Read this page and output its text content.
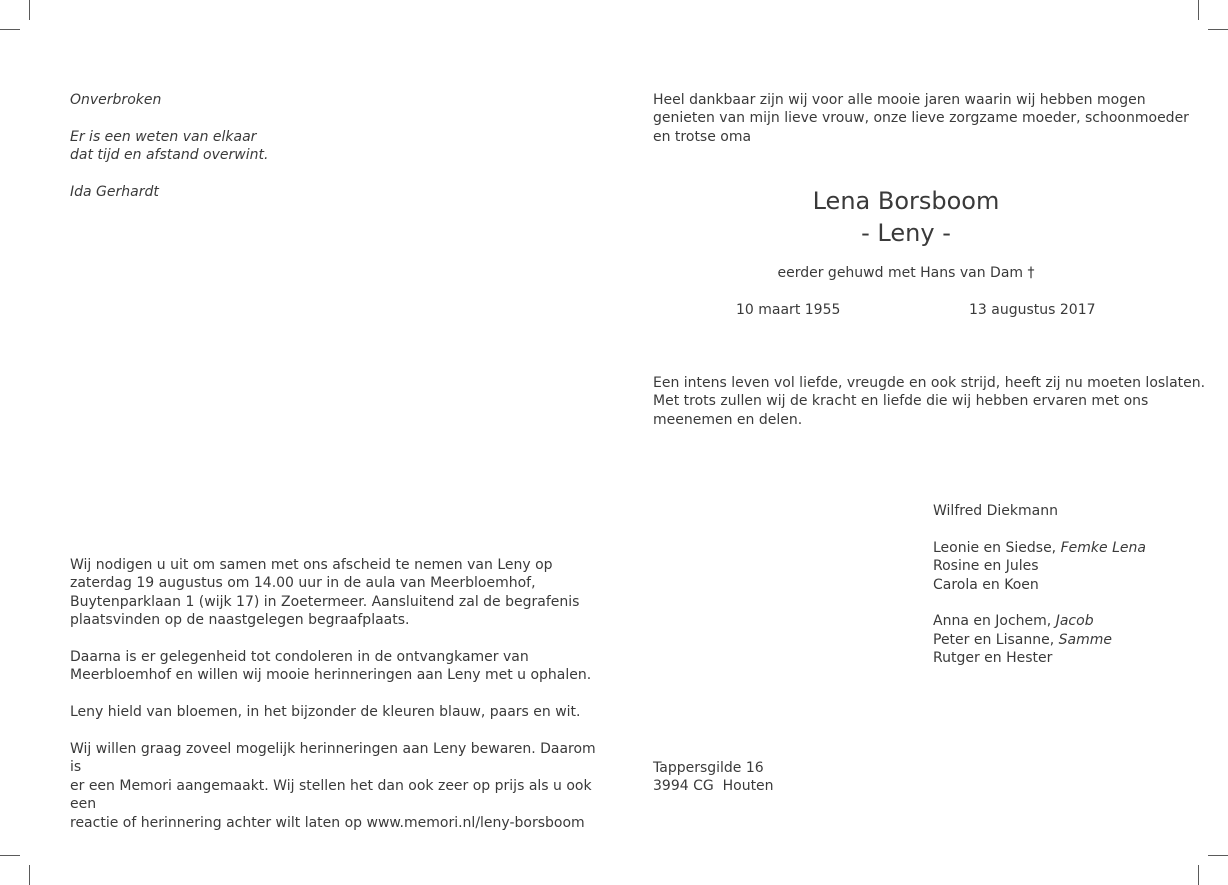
Onverbroken

Er is een weten van elkaar

dat tijd en afstand overwint.

Ida Gerhardt

Wij nodigen u uit om samen met ons afscheid te nemen van Leny op

zaterdag 19 augustus om 14.00 uur in de aula van Meerbloemhof,

Buytenparklaan 1 (wijk 17) in Zoetermeer. Aansluitend zal de begrafenis

plaatsvinden op de naastgelegen begraafplaats.

Daarna is er gelegenheid tot condoleren in de ontvangkamer van

Meerbloemhof en willen wij mooie herinneringen aan Leny met u ophalen.

Leny hield van bloemen, in het bijzonder de kleuren blauw, paars en wit.

Wij willen graag zoveel mogelijk herinneringen aan Leny bewaren. Daarom is

er een Memori aangemaakt. Wij stellen het dan ook zeer op prijs als u ook een

reactie of herinnering achter wilt laten op www.memori.nl/leny-borsboom

Heel dankbaar zijn wij voor alle mooie jaren waarin wij hebben mogen

genieten van mijn lieve vrouw, onze lieve zorgzame moeder, schoonmoeder

en trotse oma

Lena Borsboom

- Leny -

eerder gehuwd met Hans van Dam †

10 maart 1955	13 augustus 2017

Een intens leven vol liefde, vreugde en ook strijd, heeft zij nu moeten loslaten.

Met trots zullen wij de kracht en liefde die wij hebben ervaren met ons

meenemen en delen.

Wilfred Diekmann

Leonie en Siedse, Femke Lena

Rosine en Jules

Carola en Koen

Anna en Jochem, Jacob

Peter en Lisanne, Samme

Rutger en Hester

Tappersgilde 16

3994 CG  Houten
